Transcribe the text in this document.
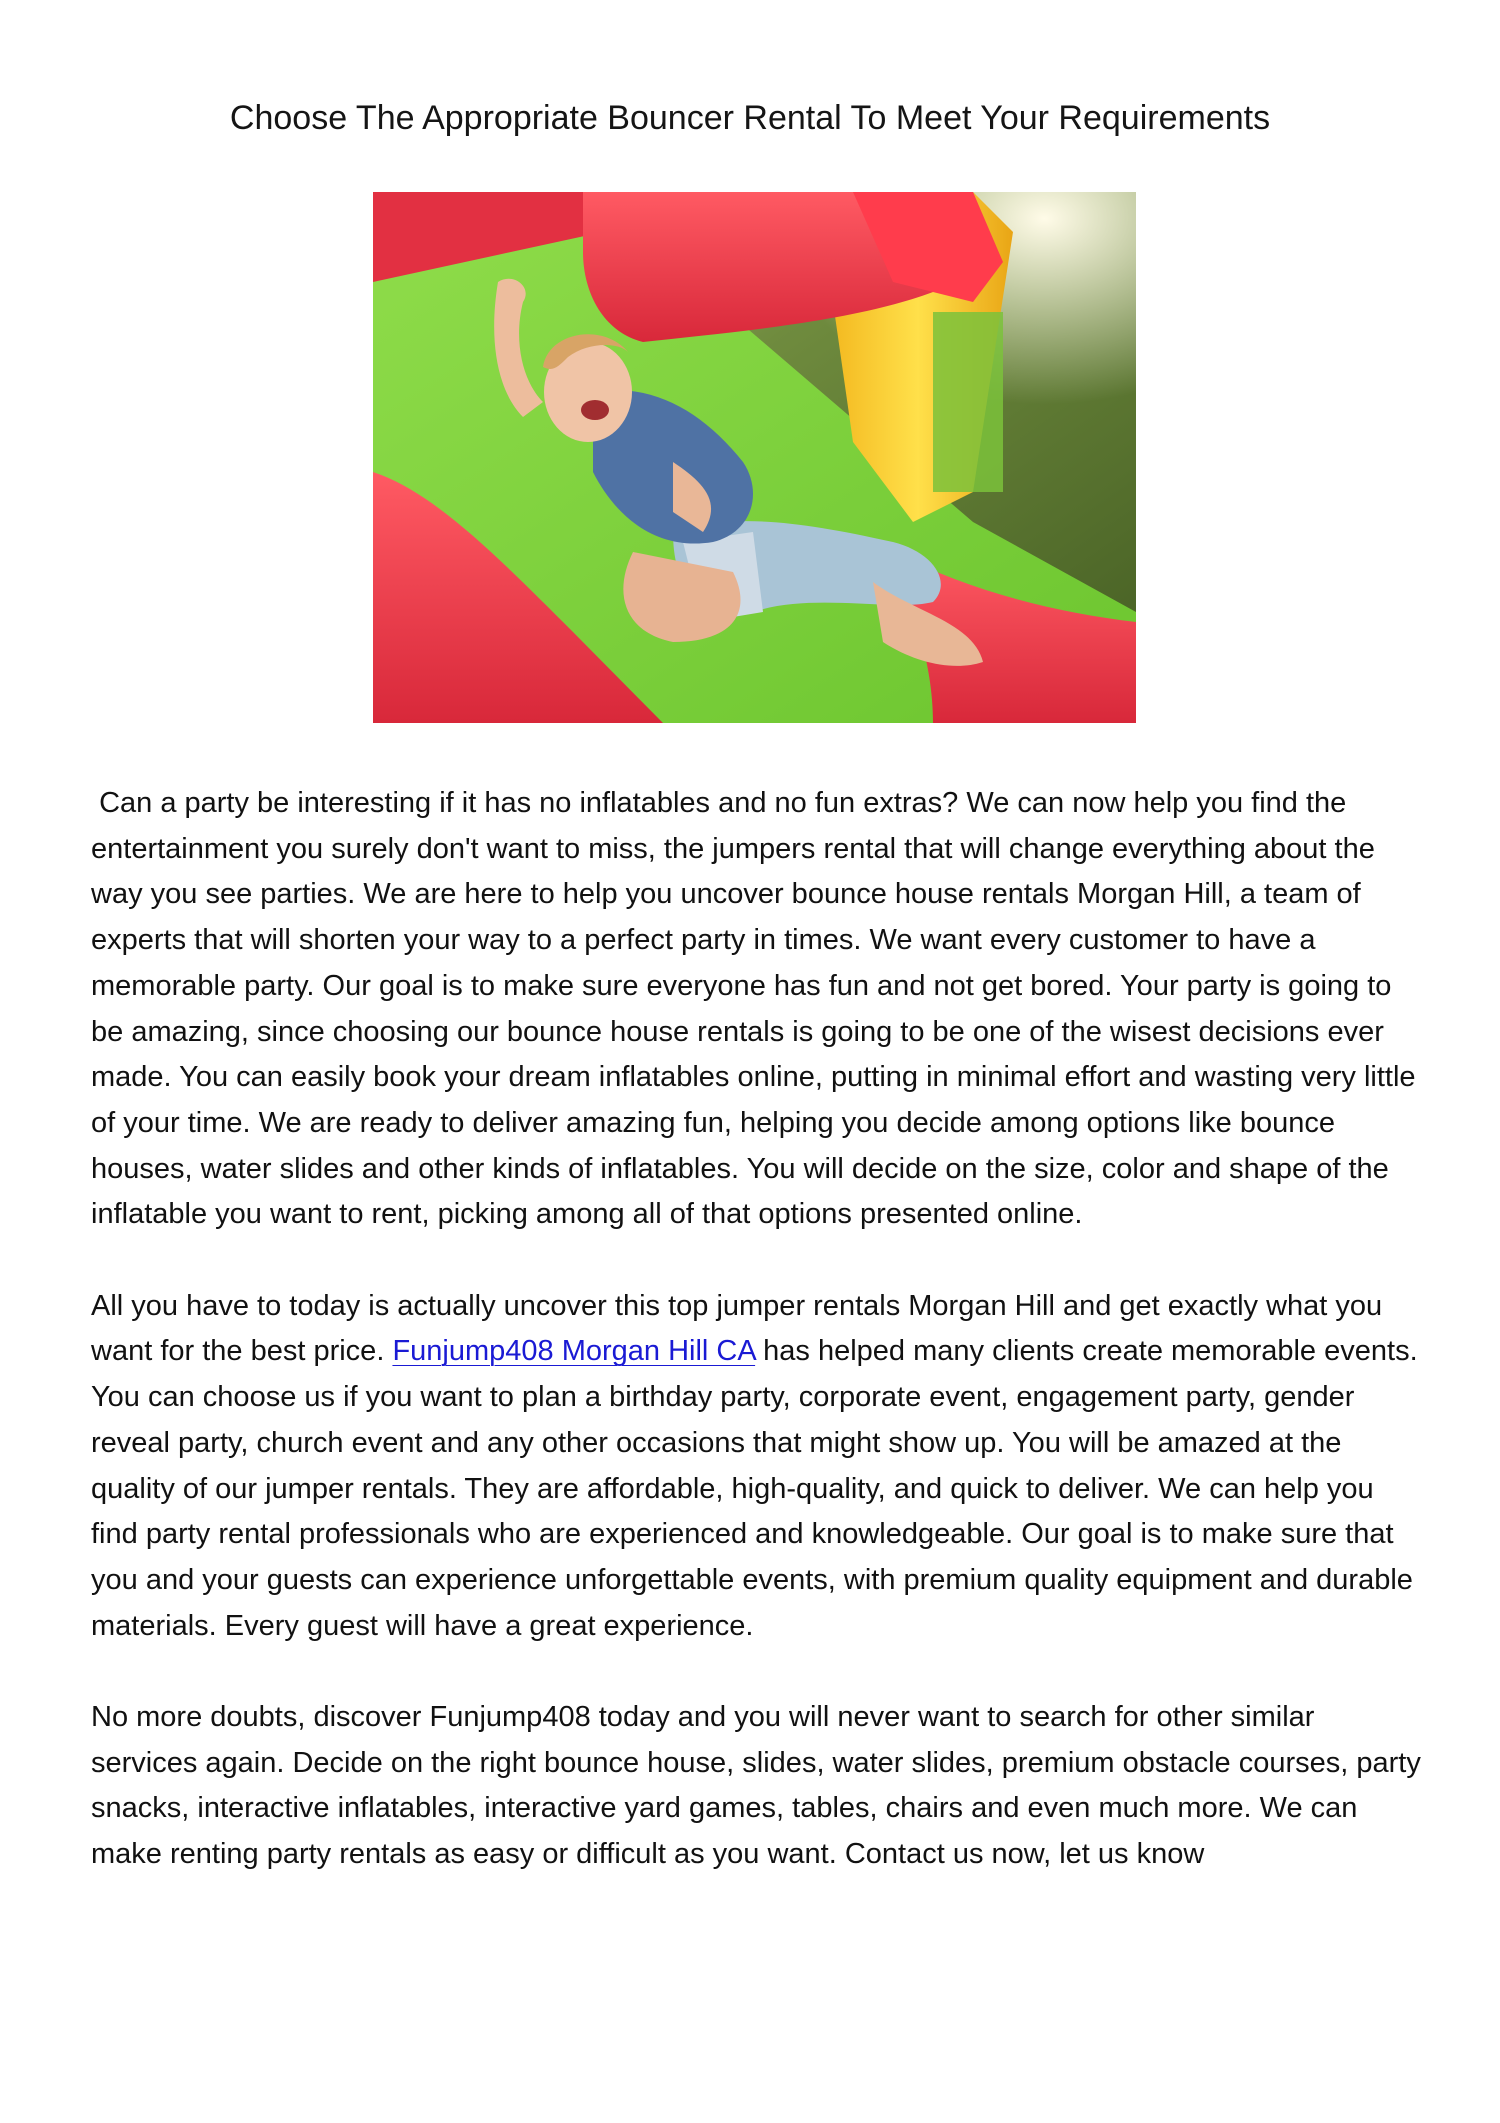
Choose The Appropriate Bouncer Rental To Meet Your Requirements

Can a party be interesting if it has no inflatables and no fun extras? We can now help you find the entertainment you surely don't want to miss, the jumpers rental that will change everything about the way you see parties. We are here to help you uncover bounce house rentals Morgan Hill, a team of experts that will shorten your way to a perfect party in times. We want every customer to have a memorable party. Our goal is to make sure everyone has fun and not get bored. Your party is going to be amazing, since choosing our bounce house rentals is going to be one of the wisest decisions ever made. You can easily book your dream inflatables online, putting in minimal effort and wasting very little of your time. We are ready to deliver amazing fun, helping you decide among options like bounce houses, water slides and other kinds of inflatables. You will decide on the size, color and shape of the inflatable you want to rent, picking among all of that options presented online.

All you have to today is actually uncover this top jumper rentals Morgan Hill and get exactly what you want for the best price. Funjump408 Morgan Hill CA has helped many clients create memorable events. You can choose us if you want to plan a birthday party, corporate event, engagement party, gender reveal party, church event and any other occasions that might show up. You will be amazed at the quality of our jumper rentals. They are affordable, high-quality, and quick to deliver. We can help you find party rental professionals who are experienced and knowledgeable. Our goal is to make sure that you and your guests can experience unforgettable events, with premium quality equipment and durable materials. Every guest will have a great experience.

No more doubts, discover Funjump408 today and you will never want to search for other similar services again. Decide on the right bounce house, slides, water slides, premium obstacle courses, party snacks, interactive inflatables, interactive yard games, tables, chairs and even much more. We can make renting party rentals as easy or difficult as you want. Contact us now, let us know
